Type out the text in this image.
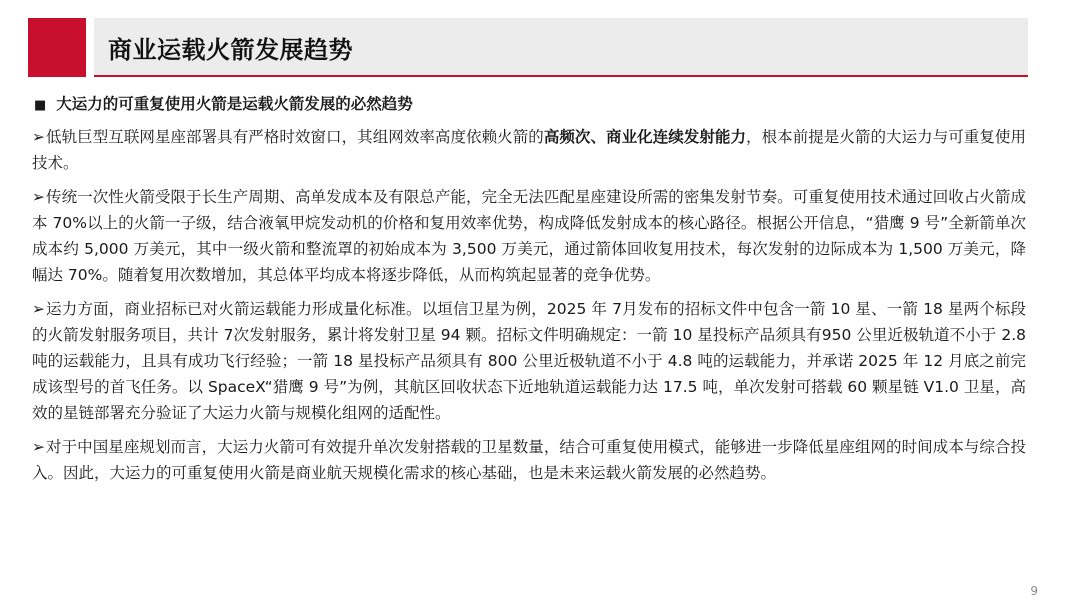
商业运载火箭发展趋势
■ 大运力的可重复使用火箭是运载火箭发展的必然趋势

➢低轨巨型互联网星座部署具有严格时效窗口，其组网效率高度依赖火箭的高频次、商业化连续发射能力，根本前提是火箭的大运力与可重复使用技术。

➢传统一次性火箭受限于长生产周期、高单发成本及有限总产能，完全无法匹配星座建设所需的密集发射节奏。可重复使用技术通过回收占火箭成本 70%以上的火箭一子级，结合液氧甲烷发动机的价格和复用效率优势，构成降低发射成本的核心路径。根据公开信息，“猎鹰 9 号”全新箭单次成本约 5,000 万美元，其中一级火箭和整流罩的初始成本为 3,500 万美元，通过箭体回收复用技术，每次发射的边际成本为 1,500 万美元，降幅达 70%。随着复用次数增加，其总体平均成本将逐步降低，从而构筑起显著的竞争优势。

➢运力方面，商业招标已对火箭运载能力形成量化标准。以垣信卫星为例，2025 年 7月发布的招标文件中包含一箭 10 星、一箭 18 星两个标段的火箭发射服务项目，共计 7次发射服务，累计将发射卫星 94 颗。招标文件明确规定：一箭 10 星投标产品须具有950 公里近极轨道不小于 2.8 吨的运载能力，且具有成功飞行经验；一箭 18 星投标产品须具有 800 公里近极轨道不小于 4.8 吨的运载能力，并承诺 2025 年 12 月底之前完成该型号的首飞任务。以 SpaceX“猎鹰 9 号”为例，其航区回收状态下近地轨道运载能力达 17.5 吨，单次发射可搭载 60 颗星链 V1.0 卫星，高效的星链部署充分验证了大运力火箭与规模化组网的适配性。

➢对于中国星座规划而言，大运力火箭可有效提升单次发射搭载的卫星数量，结合可重复使用模式，能够进一步降低星座组网的时间成本与综合投入。因此，大运力的可重复使用火箭是商业航天规模化需求的核心基础，也是未来运载火箭发展的必然趋势。

9
